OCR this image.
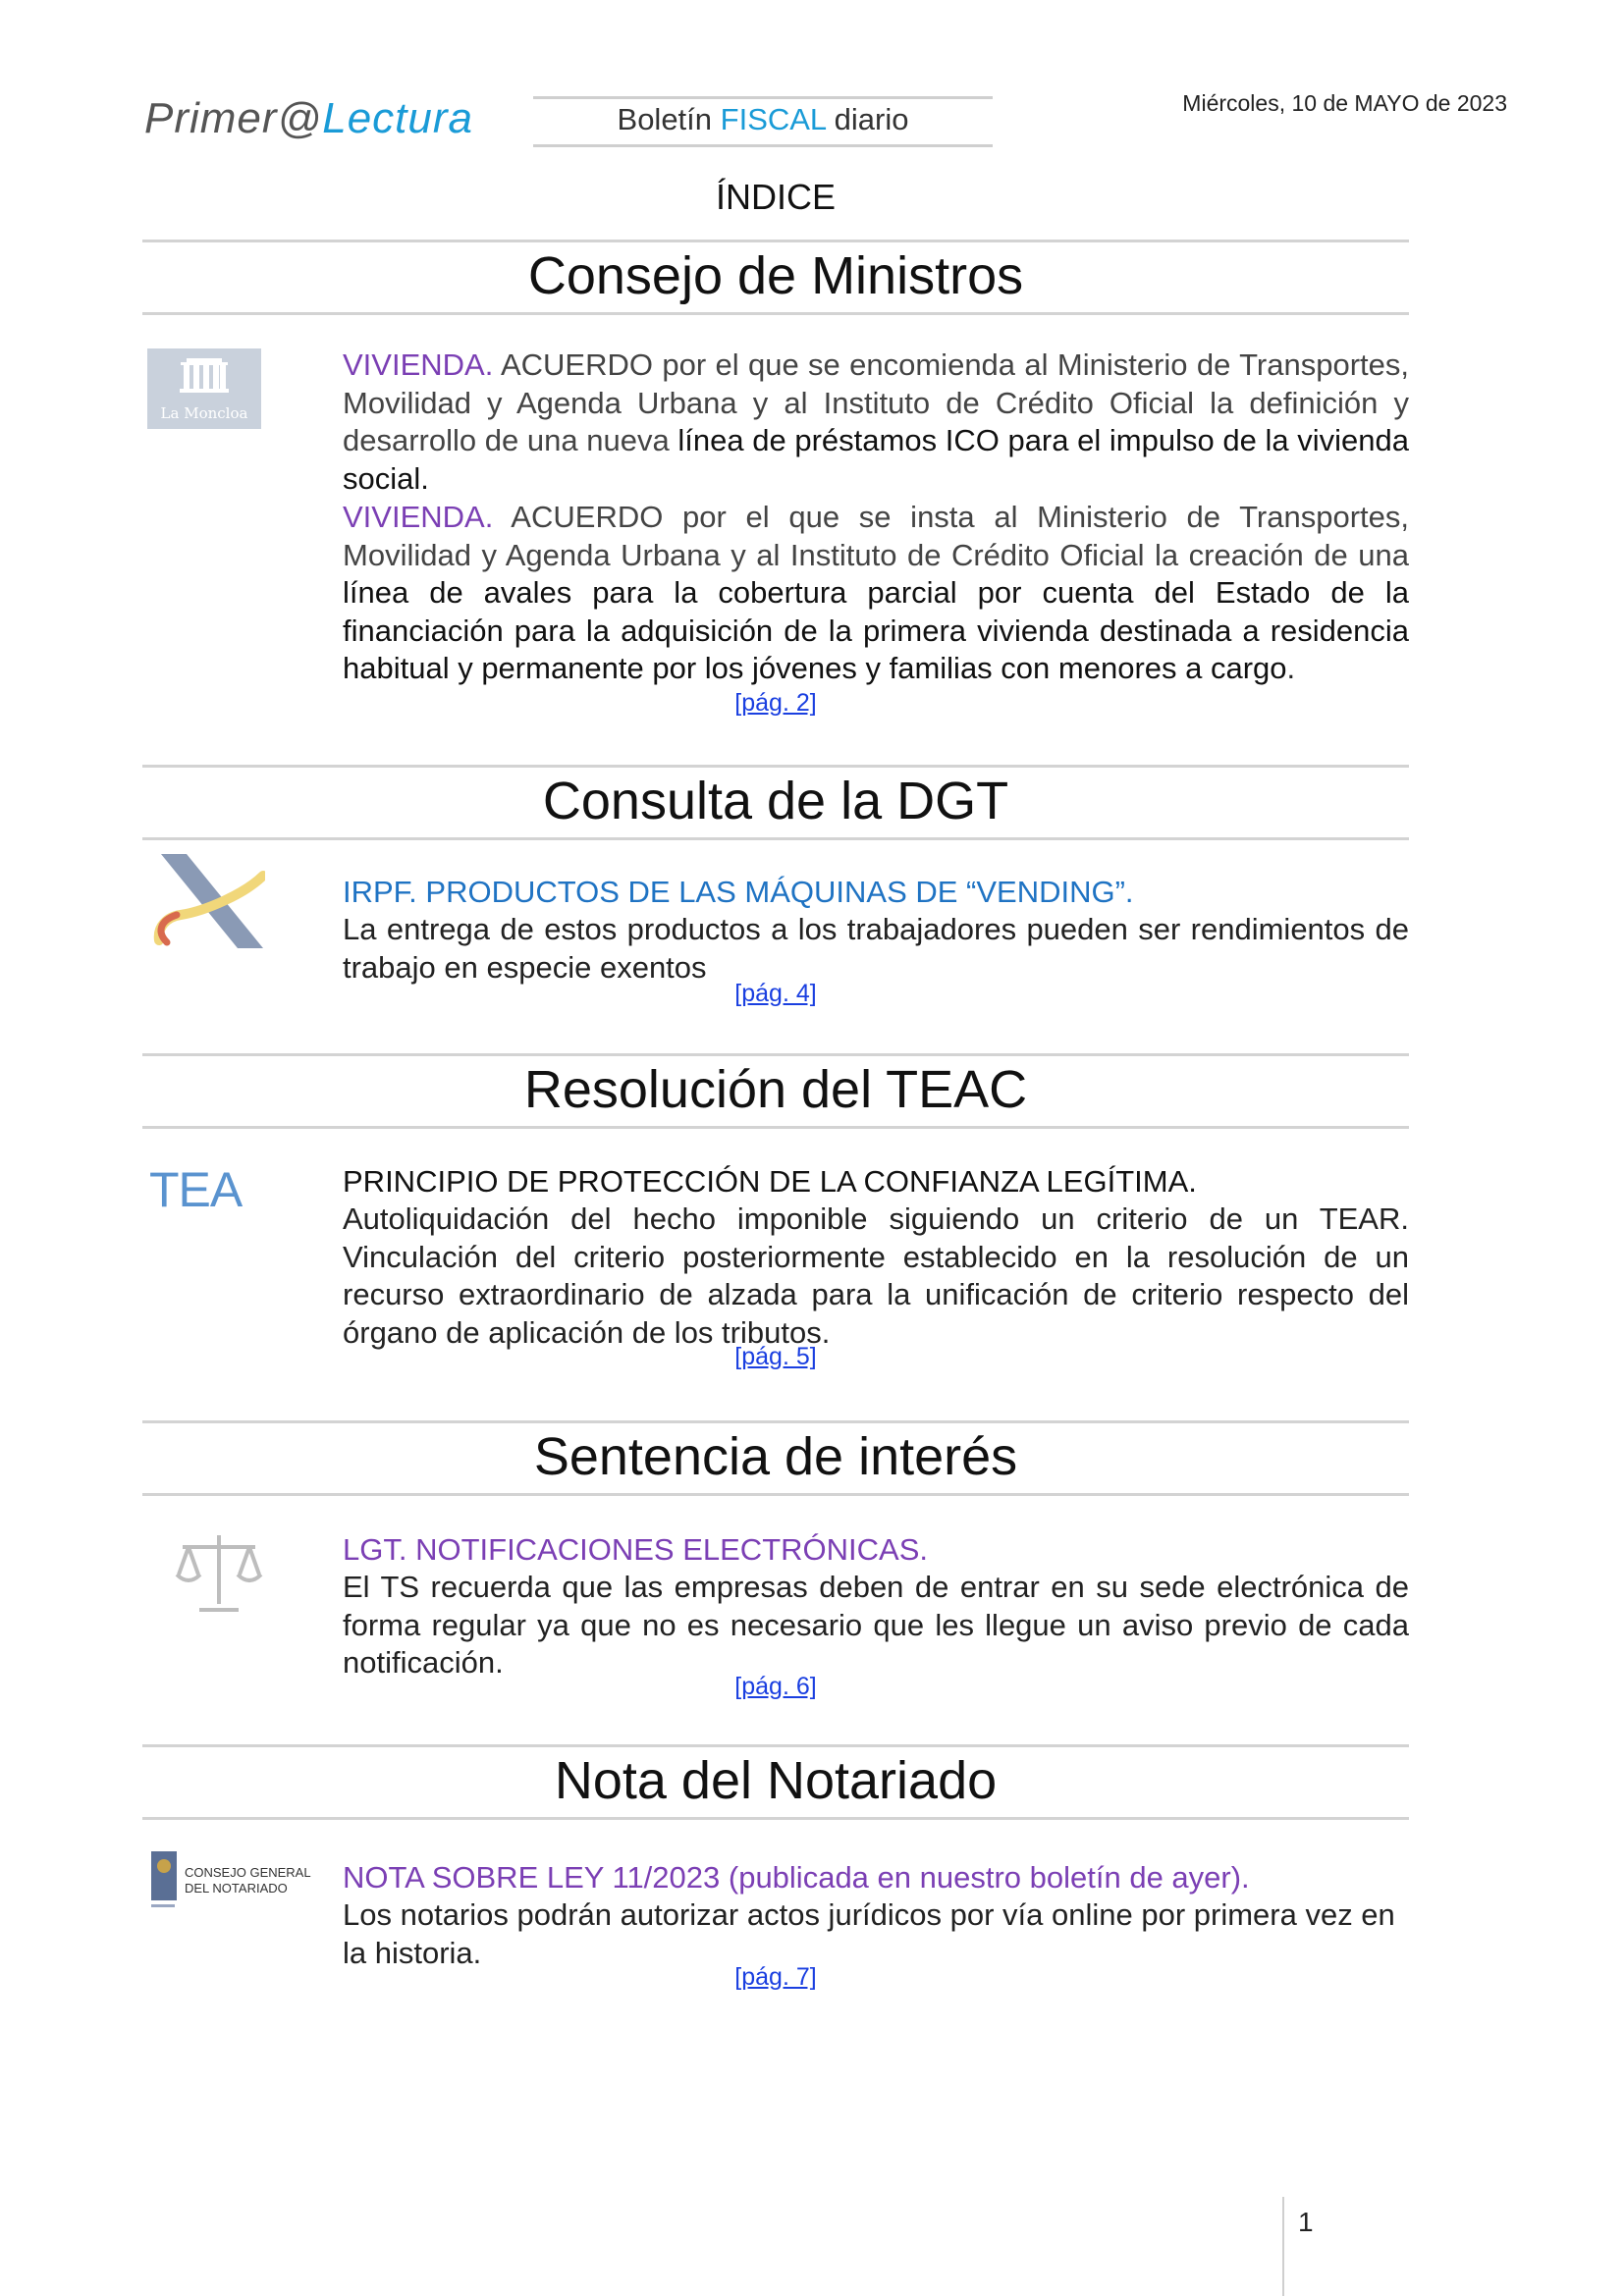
Primer@Lectura	Boletín FISCAL diario	Miércoles, 10 de MAYO de 2023
ÍNDICE
Consejo de Ministros
La Moncloa
VIVIENDA. ACUERDO por el que se encomienda al Ministerio de Transportes, Movilidad y Agenda Urbana y al Instituto de Crédito Oficial la definición y desarrollo de una nueva línea de préstamos ICO para el impulso de la vivienda social.
VIVIENDA. ACUERDO por el que se insta al Ministerio de Transportes, Movilidad y Agenda Urbana y al Instituto de Crédito Oficial la creación de una línea de avales para la cobertura parcial por cuenta del Estado de la financiación para la adquisición de la primera vivienda destinada a residencia habitual y permanente por los jóvenes y familias con menores a cargo.
[pág. 2]
Consulta de la DGT
IRPF. PRODUCTOS DE LAS MÁQUINAS DE “VENDING”.
La entrega de estos productos a los trabajadores pueden ser rendimientos de trabajo en especie exentos
[pág. 4]
Resolución del TEAC
TEA	PRINCIPIO DE PROTECCIÓN DE LA CONFIANZA LEGÍTIMA.
Autoliquidación del hecho imponible siguiendo un criterio de un TEAR. Vinculación del criterio posteriormente establecido en la resolución de un recurso extraordinario de alzada para la unificación de criterio respecto del órgano de aplicación de los tributos.
[pág. 5]
Sentencia de interés
LGT. NOTIFICACIONES ELECTRÓNICAS.
El TS recuerda que las empresas deben de entrar en su sede electrónica de forma regular ya que no es necesario que les llegue un aviso previo de cada notificación.
[pág. 6]
Nota del Notariado
CONSEJO GENERAL
DEL NOTARIADO NOTA SOBRE LEY 11/2023 (publicada en nuestro boletín de ayer).
Los notarios podrán autorizar actos jurídicos por vía online por primera vez en la historia.
[pág. 7]
1
